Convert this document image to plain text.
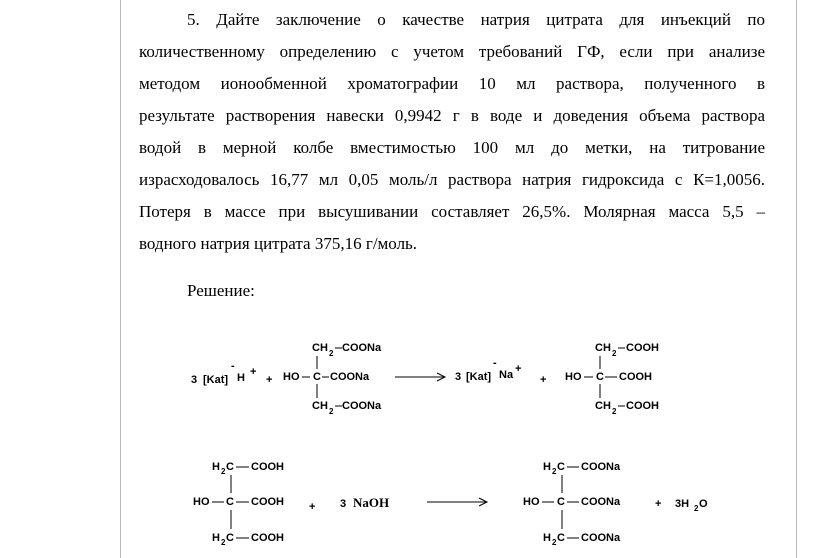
5. Дайте заключение о качестве натрия цитрата для инъекций по
количественному определению с учетом требований ГФ, если при анализе
методом ионообменной хроматографии 10 мл раствора, полученного в
результате растворения навески 0,9942 г в воде и доведения объема раствора
водой в мерной колбе вместимостью 100 мл до метки, на титрование
израсходовалось 16,77 мл 0,05 моль/л раствора натрия гидроксида с К=1,0056.
Потеря в массе при высушивании составляет 26,5%. Молярная масса 5,5 –
водного натрия цитрата 375,16 г/моль.
Решение:
3 [Kat]
-
H +
+
CH 2 COONa
HO C COONa
CH 2 COONa
3 [Kat]
-
Na +
+
CH 2 COOH
HO C COOH
CH 2 COOH
H 2 C COOH
HO C COOH
H 2 C COOH
+ 3 NaOH
H 2 C COONa
HO C COONa
H 2 C COONa
+ 3H 2 O
